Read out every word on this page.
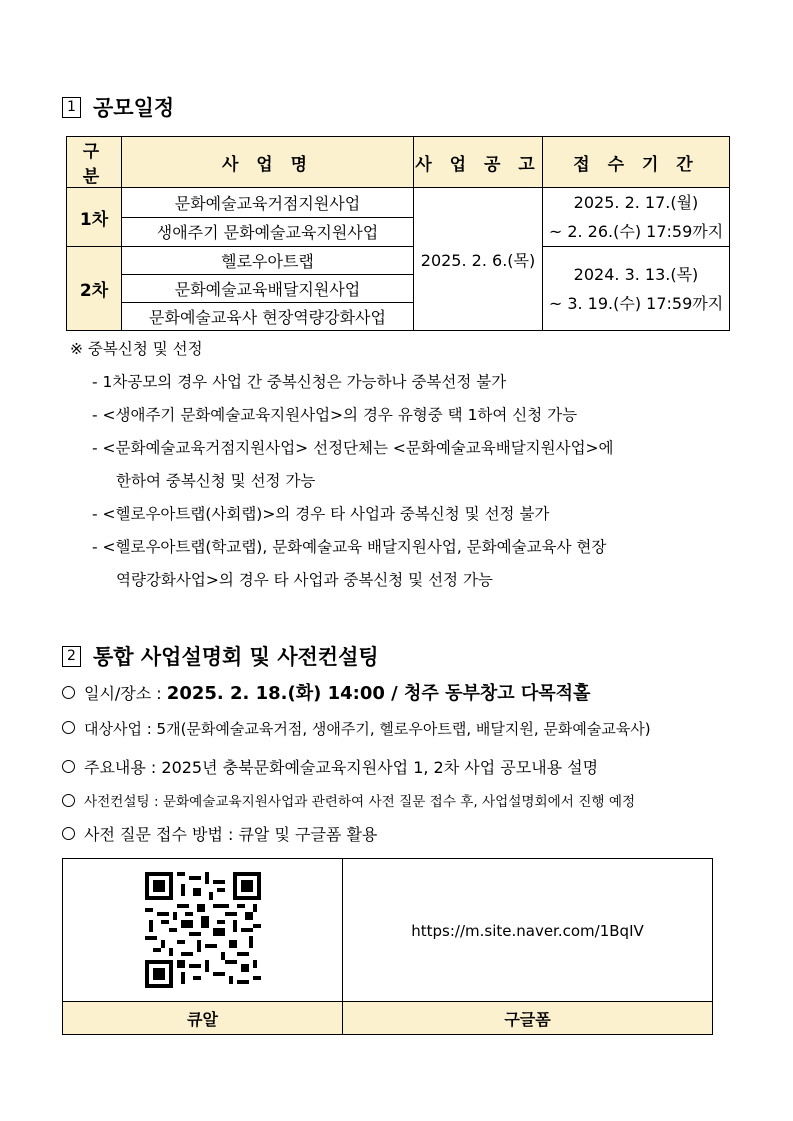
1 공모일정
구 분	사 업 명	사 업 공 고	접 수 기 간
1차	문화예술교육거점지원사업	2025. 2. 6.(목)	2025. 2. 17.(월)
~ 2. 26.(수) 17:59까지

	생애주기 문화예술교육지원사업		
2차	헬로우아트랩		2024. 3. 13.(목)
~ 3. 19.(수) 17:59까지

	문화예술교육배달지원사업		
	문화예술교육사 현장역량강화사업		
※ 중복신청 및 선정
- 1차공모의 경우 사업 간 중복신청은 가능하나 중복선정 불가
- <생애주기 문화예술교육지원사업>의 경우 유형중 택 1하여 신청 가능
- <문화예술교육거점지원사업> 선정단체는 <문화예술교육배달지원사업>에
한하여 중복신청 및 선정 가능
- <헬로우아트랩(사회랩)>의 경우 타 사업과 중복신청 및 선정 불가
- <헬로우아트랩(학교랩), 문화예술교육 배달지원사업, 문화예술교육사 현장
역량강화사업>의 경우 타 사업과 중복신청 및 선정 가능
2 통합 사업설명회 및 사전컨설팅
일시/장소 : 2025. 2. 18.(화) 14:00 / 청주 동부창고 다목적홀
대상사업 : 5개(문화예술교육거점, 생애주기, 헬로우아트랩, 배달지원, 문화예술교육사)
주요내용 : 2025년 충북문화예술교육지원사업 1, 2차 사업 공모내용 설명
사전컨설팅 : 문화예술교육지원사업과 관련하여 사전 질문 접수 후, 사업설명회에서 진행 예정
사전 질문 접수 방법 : 큐알 및 구글폼 활용
	https://m.site.naver.com/1BqIV
큐알	구글폼
